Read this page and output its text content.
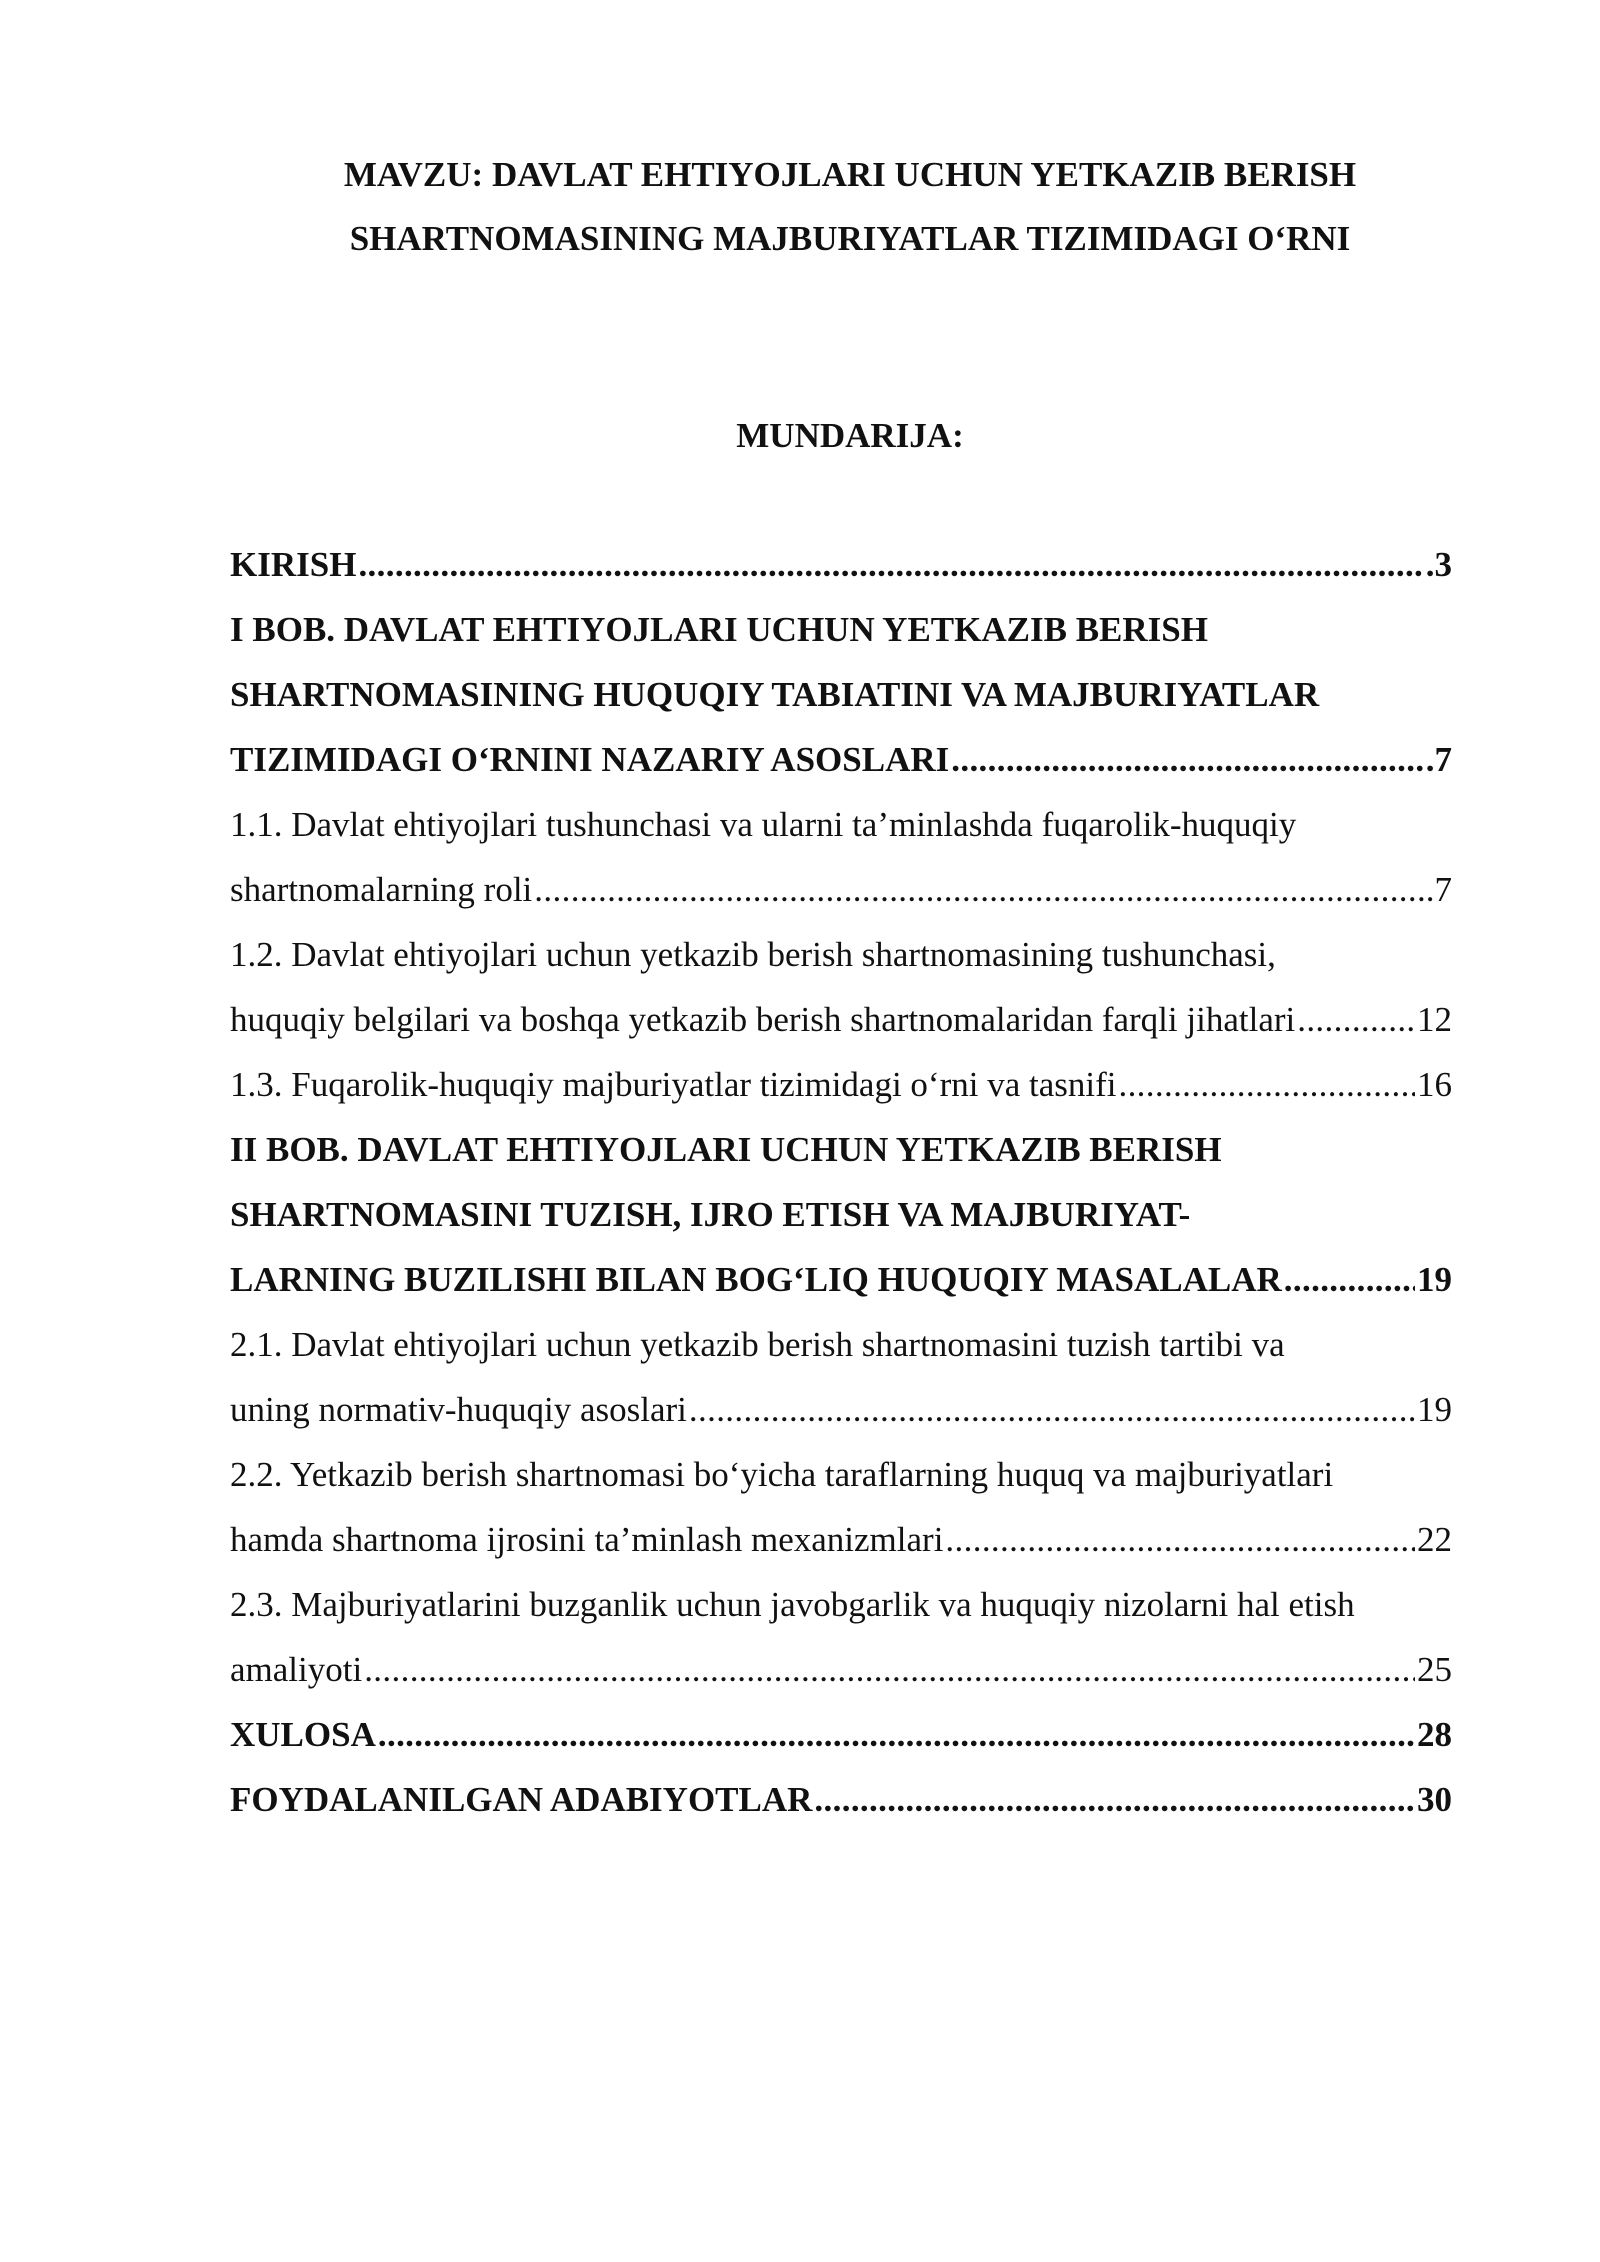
MAVZU: DAVLAT EHTIYOJLARI UCHUN YETKAZIB BERISH
SHARTNOMASINING MAJBURIYATLAR TIZIMIDAGI O‘RNI
MUNDARIJA:
KIRISH . . .	.3
I BOB. DAVLAT EHTIYOJLARI UCHUN YETKAZIB BERISH
SHARTNOMASINING HUQUQIY TABIATINI VA MAJBURIYATLAR
TIZIMIDAGI O‘RNINI NAZARIY ASOSLARI . . .	.7
1.1. Davlat ehtiyojlari tushunchasi va ularni ta’minlashda fuqarolik-huquqiy
shartnomalarning roli . . .	.7
1.2. Davlat ehtiyojlari uchun yetkazib berish shartnomasining tushunchasi,
huquqiy belgilari va boshqa yetkazib berish shartnomalaridan farqli jihatlari . . .	12
1.3. Fuqarolik-huquqiy majburiyatlar tizimidagi o‘rni va tasnifi . . .	16
II BOB. DAVLAT EHTIYOJLARI UCHUN YETKAZIB BERISH
SHARTNOMASINI TUZISH, IJRO ETISH VA MAJBURIYAT-
LARNING BUZILISHI BILAN BOG‘LIQ HUQUQIY MASALALAR . . .	19
2.1. Davlat ehtiyojlari uchun yetkazib berish shartnomasini tuzish tartibi va
uning normativ-huquqiy asoslari . . .	19
2.2. Yetkazib berish shartnomasi bo‘yicha taraflarning huquq va majburiyatlari
hamda shartnoma ijrosini ta’minlash mexanizmlari . . .	22
2.3. Majburiyatlarini buzganlik uchun javobgarlik va huquqiy nizolarni hal etish
amaliyoti . . .	25
XULOSA . . .	28
FOYDALANILGAN ADABIYOTLAR . . .	30
